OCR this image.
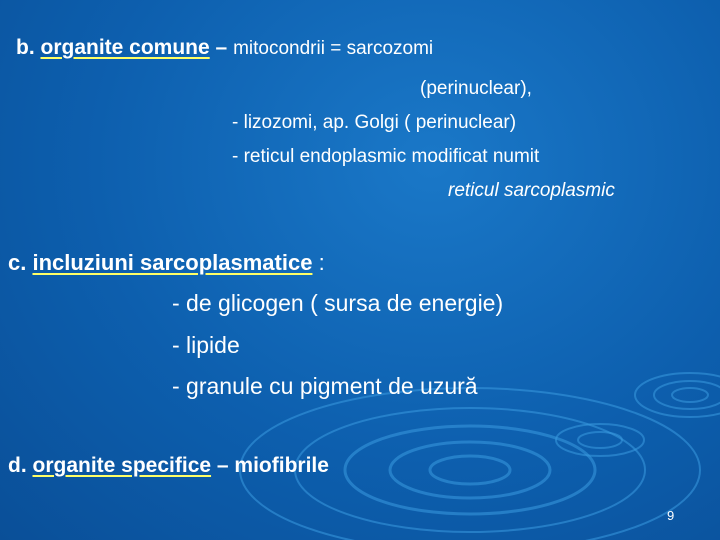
b. organite comune – mitocondrii = sarcozomi
(perinuclear),
- lizozomi, ap. Golgi ( perinuclear)
- reticul endoplasmic modificat numit
reticul sarcoplasmic
c. incluziuni sarcoplasmatice :
- de glicogen ( sursa de energie)
- lipide
- granule cu pigment de uzură
d. organite specifice – miofibrile
9
